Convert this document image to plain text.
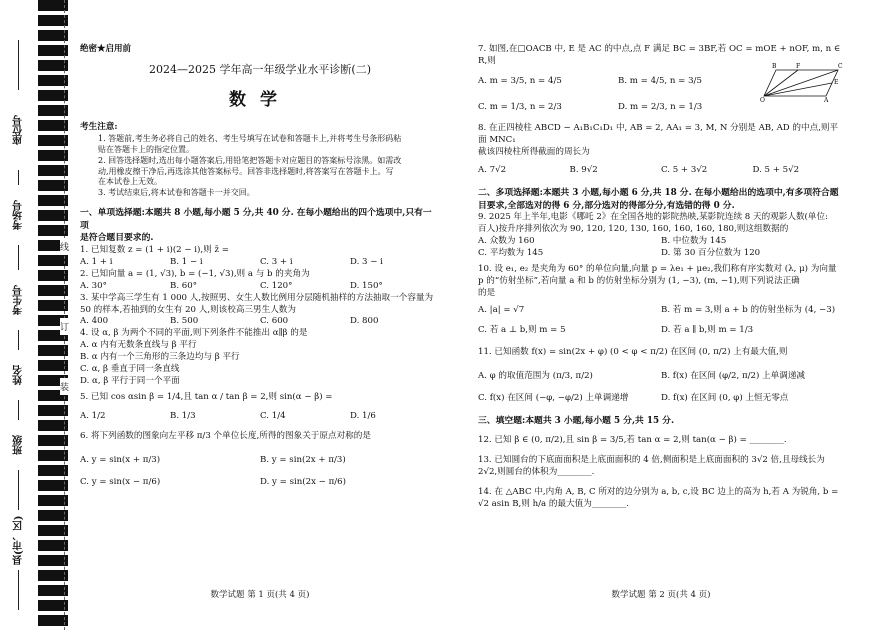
座位号
考场号
考生号
姓名
班级
县(市、区)
线
订
装
绝密★启用前
2024—2025 学年高一年级学业水平诊断(二)
数学
考生注意:
1. 答题前,考生务必将自己的姓名、考生号填写在试卷和答题卡上,并将考生号条形码粘
贴在答题卡上的指定位置。
2. 回答选择题时,选出每小题答案后,用铅笔把答题卡对应题目的答案标号涂黑。如需改
动,用橡皮擦干净后,再选涂其他答案标号。回答非选择题时,将答案写在答题卡上。写
在本试卷上无效。
3. 考试结束后,将本试卷和答题卡一并交回。
一、单项选择题:本题共 8 小题,每小题 5 分,共 40 分. 在每小题给出的四个选项中,只有一项
是符合题目要求的.
1. 已知复数 z = (1 + i)(2 − i),则 z̄ =
A. 1 + i	B. 1 − i	C. 3 + i	D. 3 − i
2. 已知向量 a = (1, √3), b = (−1, √3),则 a 与 b 的夹角为
A. 30°	B. 60°	C. 120°	D. 150°
3. 某中学高三学生有 1 000 人,按照男、女生人数比例用分层随机抽样的方法抽取一个容量为
50 的样本,若抽到的女生有 20 人,则该校高三男生人数为
A. 400	B. 500	C. 600	D. 800
4. 设 α, β 为两个不同的平面,则下列条件不能推出 α∥β 的是
A. α 内有无数条直线与 β 平行
B. α 内有一个三角形的三条边均与 β 平行
C. α, β 垂直于同一条直线
D. α, β 平行于同一个平面
5. 已知 cos αsin β = 1/4,且 tan α / tan β = 2,则 sin(α − β) =
A. 1/2	B. 1/3	C. 1/4	D. 1/6
6. 将下列函数的图象向左平移 π/3 个单位长度,所得的图象关于原点对称的是
A. y = sin(x + π/3)	B. y = sin(2x + π/3)
C. y = sin(x − π/6)	D. y = sin(2x − π/6)
数学试题 第 1 页(共 4 页)
7. 如图,在□OACB 中, E 是 AC 的中点,点 F 满足 BC = 3BF,若 OC = mOE + nOF, m, n ∈ R,则
B	F	C
E
O	A
A. m = 3/5, n = 4/5	B. m = 4/5, n = 3/5
C. m = 1/3, n = 2/3	D. m = 2/3, n = 1/3
8. 在正四棱柱 ABCD − A₁B₁C₁D₁ 中, AB = 2, AA₁ = 3, M, N 分别是 AB, AD 的中点,则平面 MNC₁
截该四棱柱所得截面的周长为
A. 7√2	B. 9√2	C. 5 + 3√2	D. 5 + 5√2
二、多项选择题:本题共 3 小题,每小题 6 分,共 18 分. 在每小题给出的选项中,有多项符合题
目要求,全部选对的得 6 分,部分选对的得部分分,有选错的得 0 分.
9. 2025 年上半年,电影《哪吒 2》在全国各地的影院热映,某影院连续 8 天的观影人数(单位:
百人)按升序排列依次为 90, 120, 120, 130, 160, 160, 160, 180,则这组数据的
A. 众数为 160	B. 中位数为 145
C. 平均数为 145	D. 第 30 百分位数为 120
10. 设 e₁, e₂ 是夹角为 60° 的单位向量,向量 p = λe₁ + μe₂,我们称有序实数对 (λ, μ) 为向量
p 的“仿射坐标”,若向量 a 和 b 的仿射坐标分别为 (1, −3), (m, −1),则下列说法正确
的是
A. |a| = √7	B. 若 m = 3,则 a + b 的仿射坐标为 (4, −3)
C. 若 a ⊥ b,则 m = 5	D. 若 a ∥ b,则 m = 1/3
11. 已知函数 f(x) = sin(2x + φ) (0 < φ < π/2) 在区间 (0, π/2) 上有最大值,则
A. φ 的取值范围为 (π/3, π/2)	B. f(x) 在区间 (φ/2, π/2) 上单调递减
C. f(x) 在区间 (−φ, −φ/2) 上单调递增	D. f(x) 在区间 (0, φ) 上恒无零点
三、填空题:本题共 3 小题,每小题 5 分,共 15 分.
12. 已知 β ∈ (0, π/2),且 sin β = 3/5,若 tan α = 2,则 tan(α − β) = ________.
13. 已知圆台的下底面面积是上底面面积的 4 倍,侧面积是上底面面积的 3√2 倍,且母线长为
2√2,则圆台的体积为________.
14. 在 △ABC 中,内角 A, B, C 所对的边分别为 a, b, c,设 BC 边上的高为 h,若 A 为锐角, b =
√2 asin B,则 h/a 的最大值为________.
数学试题 第 2 页(共 4 页)
